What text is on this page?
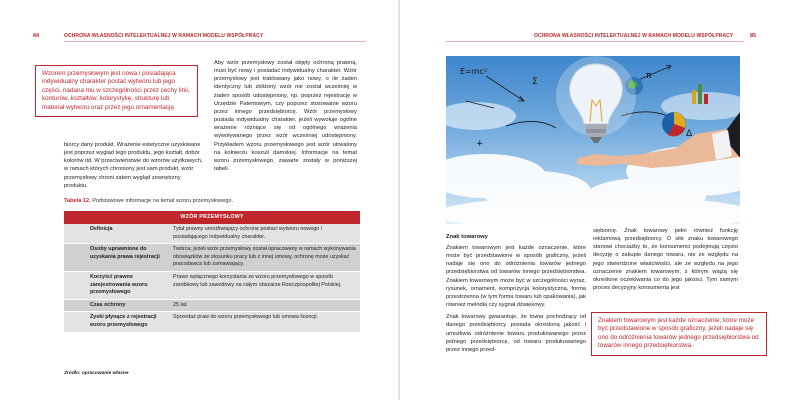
84	OCHRONA WŁASNOŚCI INTELEKTUALNEJ W RAMACH MODELU WSPÓŁPRACY
Wzorem przemysłowym jest nowa i posiadająca indywidualny charakter postać wytworu lub jego części, nadana mu w szczególności przez cechy linii, konturów, kształtów, kolorystykę, strukturę lub materiał wytworu oraz przez jego ornamentację.
biorcy dany produkt. Wrażenie estetyczne uzyskiwane jest poprzez wygląd tego produktu, jego kształt, dobór kolorów itd. W przeciwieństwie do wzorów użytkowych, w ramach których chroniony jest sam produkt, wzór przemysłowy chroni zatem wygląd zewnętrzny produktu.
Aby wzór przemysłowy został objęty ochroną prawną, musi być nowy i posiadać indywidualny charakter. Wzór przemysłowy jest traktowany jako nowy, o ile żaden identyczny lub zbliżony wzór nie został wcześniej w żaden sposób udostępniony, np. poprzez rejestrację w Urzędzie Patentowym, czy poprzez stosowanie wzoru przez innego przedsiębiorcę. Wzór przemysłowy posiada indywidualny charakter, jeżeli wywołuje ogólne wrażenie różniące się od ogólnego wrażenia wywoływanego przez wzór wcześniej udostępniony. Przykładem wzoru przemysłowego jest wzór utrwalony na kołnierzu koszuli damskiej. Informacje na temat wzoru przemysłowego, zawarte zostały w poniższej tabeli.
Tabela 12. Podstawowe informacje na temat wzoru przemysłowego.
WZÓR PRZEMYSŁOWY	
Definicja	Tytuł prawny umożliwiający ochronę postaci wytworu nowego i posiadającego indywidualny charakter.
Osoby uprawnione do uzyskania prawa rejestracji	Twórca; jeżeli wzór przemysłowy został opracowany w ramach wykonywania obowiązków ze stosunku pracy lub z innej umowy, ochronę może uzyskać pracodawca lub zamawiający.
Korzyści prawne zarejestrowania wzoru przemysłowego	Prawo wyłącznego korzystania ze wzoru przemysłowego w sposób zarobkowy lub zawodowy na całym obszarze Rzeczpospolitej Polskiej.
Czas ochrony	25 lat.
Zyski płynące z rejestracji wzoru przemysłowego	Sprzedaż praw do wzoru przemysłowego lub umowa licencji.
Źródło: opracowanie własne
OCHRONA WŁASNOŚCI INTELEKTUALNEJ W RAMACH MODELU WSPÓŁPRACY	85
E=mc²	π
Σ
Δ
+
Znak towarowy

Znakiem towarowym jest każde oznaczenie, które może być przedstawione w sposób graficzny, jeżeli nadaje się ono do odróżnienia towarów jednego przedsiębiorstwa od towarów innego przedsiębiorstwa. Znakiem towarowym może być w szczególności wyraz, rysunek, ornament, kompozycja kolorystyczna, forma przestrzenna (w tym forma towaru lub opakowania), jak również melodia czy sygnał dźwiękowy.

Znak towarowy gwarantuje, że towar pochodzący od danego przedsiębiorcy posiada określoną jakość i umożliwia odróżnienie towaru produkowanego przez jednego przedsiębiorcę, od towaru produkowanego przez innego przed-

siębiorcę. Znak towarowy pełni również funkcję reklamową przedsiębiorcy. O sile znaku towarowego stanowi chociażby to, że konsumenci podejmują często decyzję o zakupie danego towaru, nie ze względu na jego stwierdzone właściwości, ale ze względu na jego oznaczenie znakiem towarowym, z którym wiążą się określone oczekiwania co do jego jakości. Tym samym proces decyzyjny konsumenta jest
Znakiem towarowym jest każde oznaczenie, które może być przedstawione w sposób graficzny, jeżeli nadaje się ono do odróżnienia towarów jednego przedsiębiorstwa od towarów innego przedsiębiorstwa.
